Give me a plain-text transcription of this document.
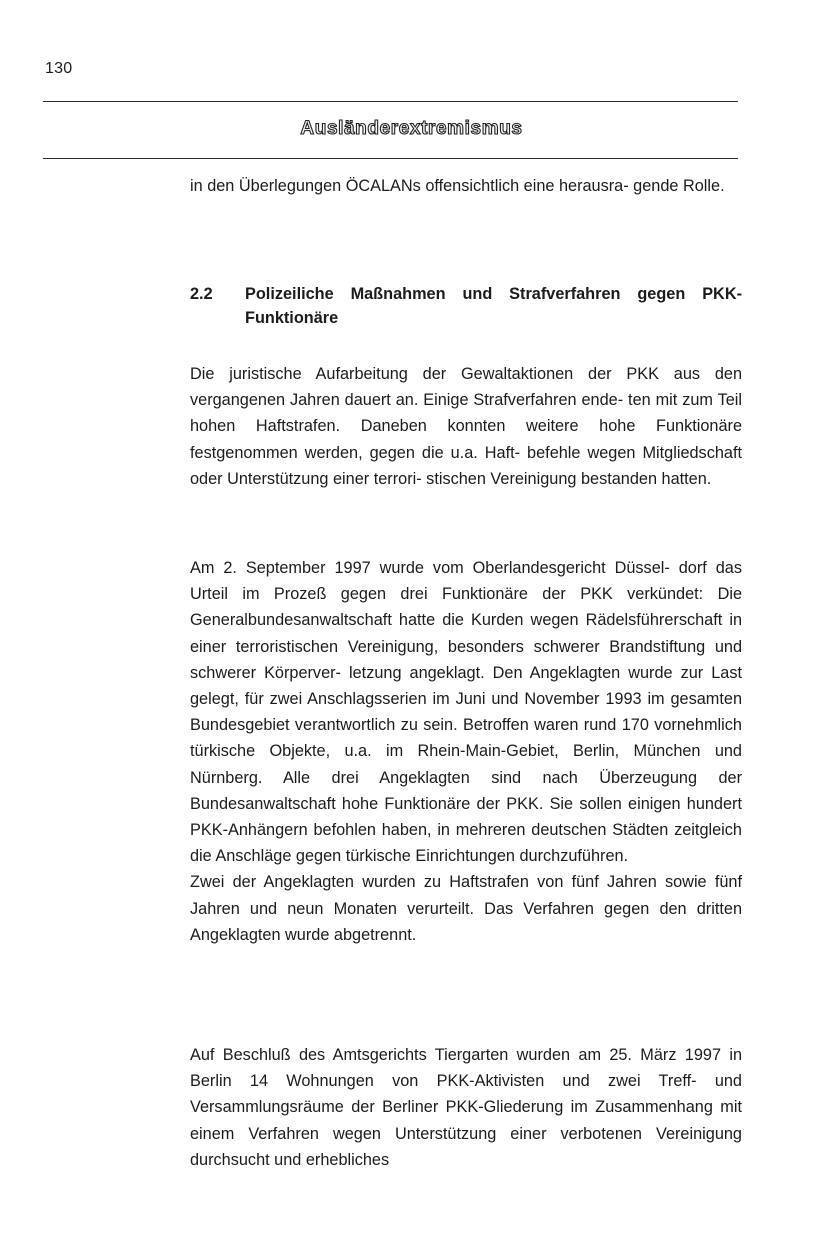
130
Ausländerextremismus
in den Überlegungen ÖCALANs offensichtlich eine herausra- gende Rolle.
2.2	Polizeiliche Maßnahmen und Strafverfahren gegen PKK-Funktionäre
Die juristische Aufarbeitung der Gewaltaktionen der PKK aus den vergangenen Jahren dauert an. Einige Strafverfahren ende- ten mit zum Teil hohen Haftstrafen. Daneben konnten weitere hohe Funktionäre festgenommen werden, gegen die u.a. Haft- befehle wegen Mitgliedschaft oder Unterstützung einer terrori- stischen Vereinigung bestanden hatten.
Am 2. September 1997 wurde vom Oberlandesgericht Düssel- dorf das Urteil im Prozeß gegen drei Funktionäre der PKK verkündet: Die Generalbundesanwaltschaft hatte die Kurden wegen Rädelsführerschaft in einer terroristischen Vereinigung, besonders schwerer Brandstiftung und schwerer Körperver- letzung angeklagt. Den Angeklagten wurde zur Last gelegt, für zwei Anschlagsserien im Juni und November 1993 im gesamten Bundesgebiet verantwortlich zu sein. Betroffen waren rund 170 vornehmlich türkische Objekte, u.a. im Rhein-Main-Gebiet, Berlin, München und Nürnberg. Alle drei Angeklagten sind nach Überzeugung der Bundesanwaltschaft hohe Funktionäre der PKK. Sie sollen einigen hundert PKK-Anhängern befohlen haben, in mehreren deutschen Städten zeitgleich die Anschläge gegen türkische Einrichtungen durchzuführen.
Zwei der Angeklagten wurden zu Haftstrafen von fünf Jahren sowie fünf Jahren und neun Monaten verurteilt. Das Verfahren gegen den dritten Angeklagten wurde abgetrennt.
Auf Beschluß des Amtsgerichts Tiergarten wurden am 25. März 1997 in Berlin 14 Wohnungen von PKK-Aktivisten und zwei Treff- und Versammlungsräume der Berliner PKK-Gliederung im Zusammenhang mit einem Verfahren wegen Unterstützung einer verbotenen Vereinigung durchsucht und erhebliches
